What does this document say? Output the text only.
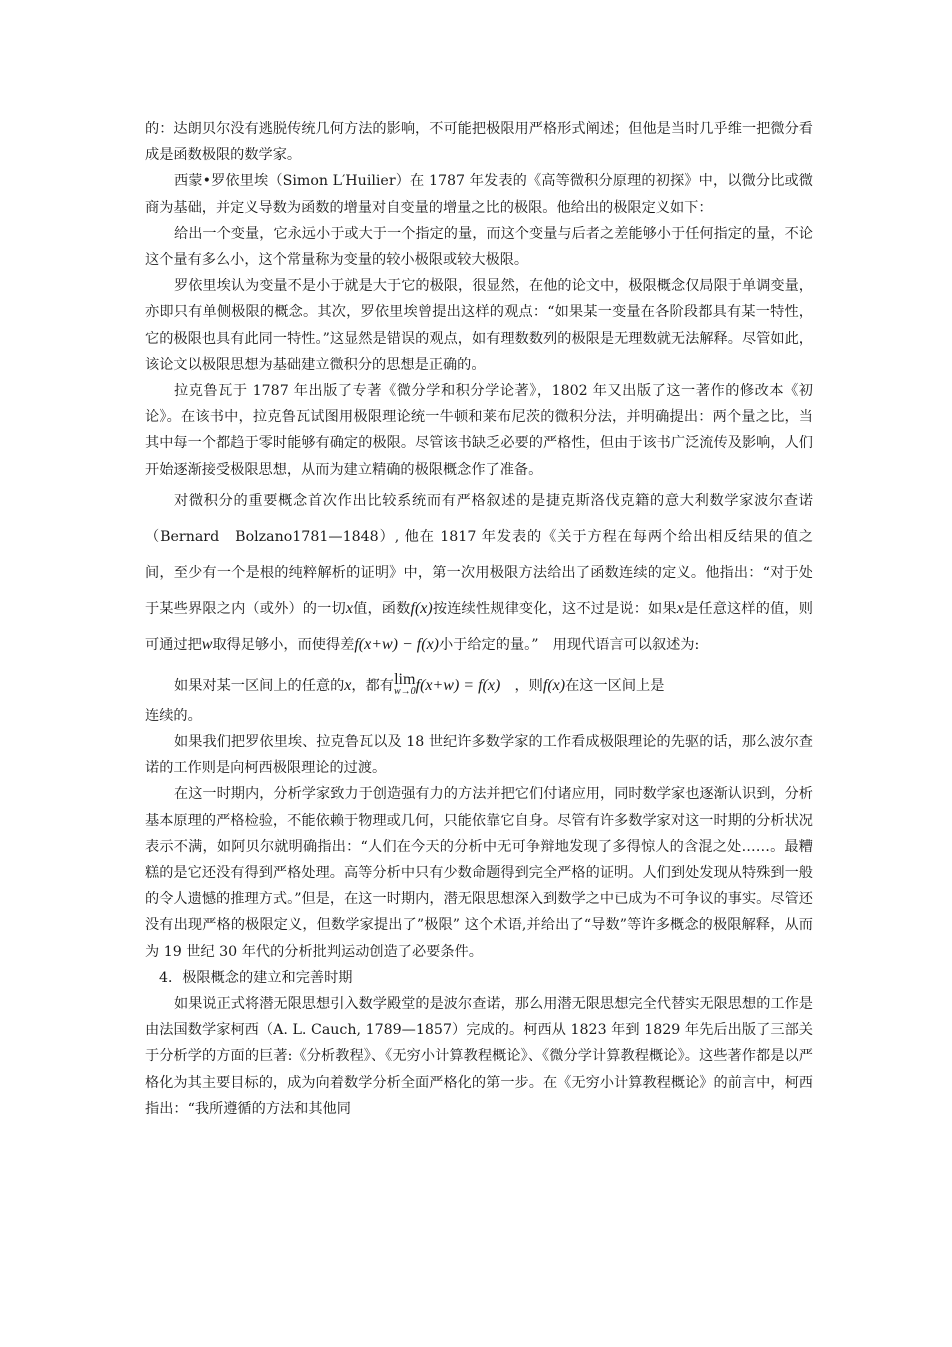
的：达朗贝尔没有逃脱传统几何方法的影响，不可能把极限用严格形式阐述；但他是当时几乎维一把微分看成是函数极限的数学家。

西蒙•罗依里埃（Simon L′Huilier）在 1787 年发表的《高等微积分原理的初探》中，以微分比或微商为基础，并定义导数为函数的增量对自变量的增量之比的极限。他给出的极限定义如下：

给出一个变量，它永远小于或大于一个指定的量，而这个变量与后者之差能够小于任何指定的量，不论这个量有多么小，这个常量称为变量的较小极限或较大极限。

罗依里埃认为变量不是小于就是大于它的极限，很显然，在他的论文中，极限概念仅局限于单调变量，亦即只有单侧极限的概念。其次，罗依里埃曾提出这样的观点：“如果某一变量在各阶段都具有某一特性，它的极限也具有此同一特性。”这显然是错误的观点，如有理数数列的极限是无理数就无法解释。尽管如此，该论文以极限思想为基础建立微积分的思想是正确的。

拉克鲁瓦于 1787 年出版了专著《微分学和积分学论著》，1802 年又出版了这一著作的修改本《初论》。在该书中，拉克鲁瓦试图用极限理论统一牛顿和莱布尼茨的微积分法，并明确提出：两个量之比，当其中每一个都趋于零时能够有确定的极限。尽管该书缺乏必要的严格性，但由于该书广泛流传及影响，人们开始逐渐接受极限思想，从而为建立精确的极限概念作了准备。

对微积分的重要概念首次作出比较系统而有严格叙述的是捷克斯洛伐克籍的意大利数学家波尔查诺（Bernard　Bolzano1781—1848）, 他在 1817 年发表的《关于方程在每两个给出相反结果的值之间，至少有一个是根的纯粹解析的证明》中，第一次用极限方法给出了函数连续的定义。他指出：“对于处于某些界限之内（或外）的一切x值，函数f(x)按连续性规律变化，这不过是说：如果x是任意这样的值，则可通过把w取得足够小，而使得差f(x+w) − f(x)小于给定的量。”　用现代语言可以叙述为:

如果对某一区间上的任意的x，都有 lim
w→0 f(x+w) = f(x)　，则f(x)在这一区间上是

连续的。

如果我们把罗依里埃、拉克鲁瓦以及 18 世纪许多数学家的工作看成极限理论的先驱的话，那么波尔查诺的工作则是向柯西极限理论的过渡。

在这一时期内，分析学家致力于创造强有力的方法并把它们付诸应用，同时数学家也逐渐认识到，分析基本原理的严格检验，不能依赖于物理或几何，只能依靠它自身。尽管有许多数学家对这一时期的分析状况表示不满，如阿贝尔就明确指出：“人们在今天的分析中无可争辩地发现了多得惊人的含混之处……。最糟糕的是它还没有得到严格处理。高等分析中只有少数命题得到完全严格的证明。人们到处发现从特殊到一般的令人遗憾的推理方式。”但是，在这一时期内，潜无限思想深入到数学之中已成为不可争议的事实。尽管还没有出现严格的极限定义，但数学家提出了”极限” 这个术语,并给出了“导数”等许多概念的极限解释，从而为 19 世纪 30 年代的分析批判运动创造了必要条件。

4．极限概念的建立和完善时期

如果说正式将潜无限思想引入数学殿堂的是波尔查诺，那么用潜无限思想完全代替实无限思想的工作是由法国数学家柯西（A. L. Cauch, 1789—1857）完成的。柯西从 1823 年到 1829 年先后出版了三部关于分析学的方面的巨著:《分析教程》、《无穷小计算教程概论》、《微分学计算教程概论》。这些著作都是以严格化为其主要目标的，成为向着数学分析全面严格化的第一步。在《无穷小计算教程概论》的前言中，柯西指出：“我所遵循的方法和其他同
